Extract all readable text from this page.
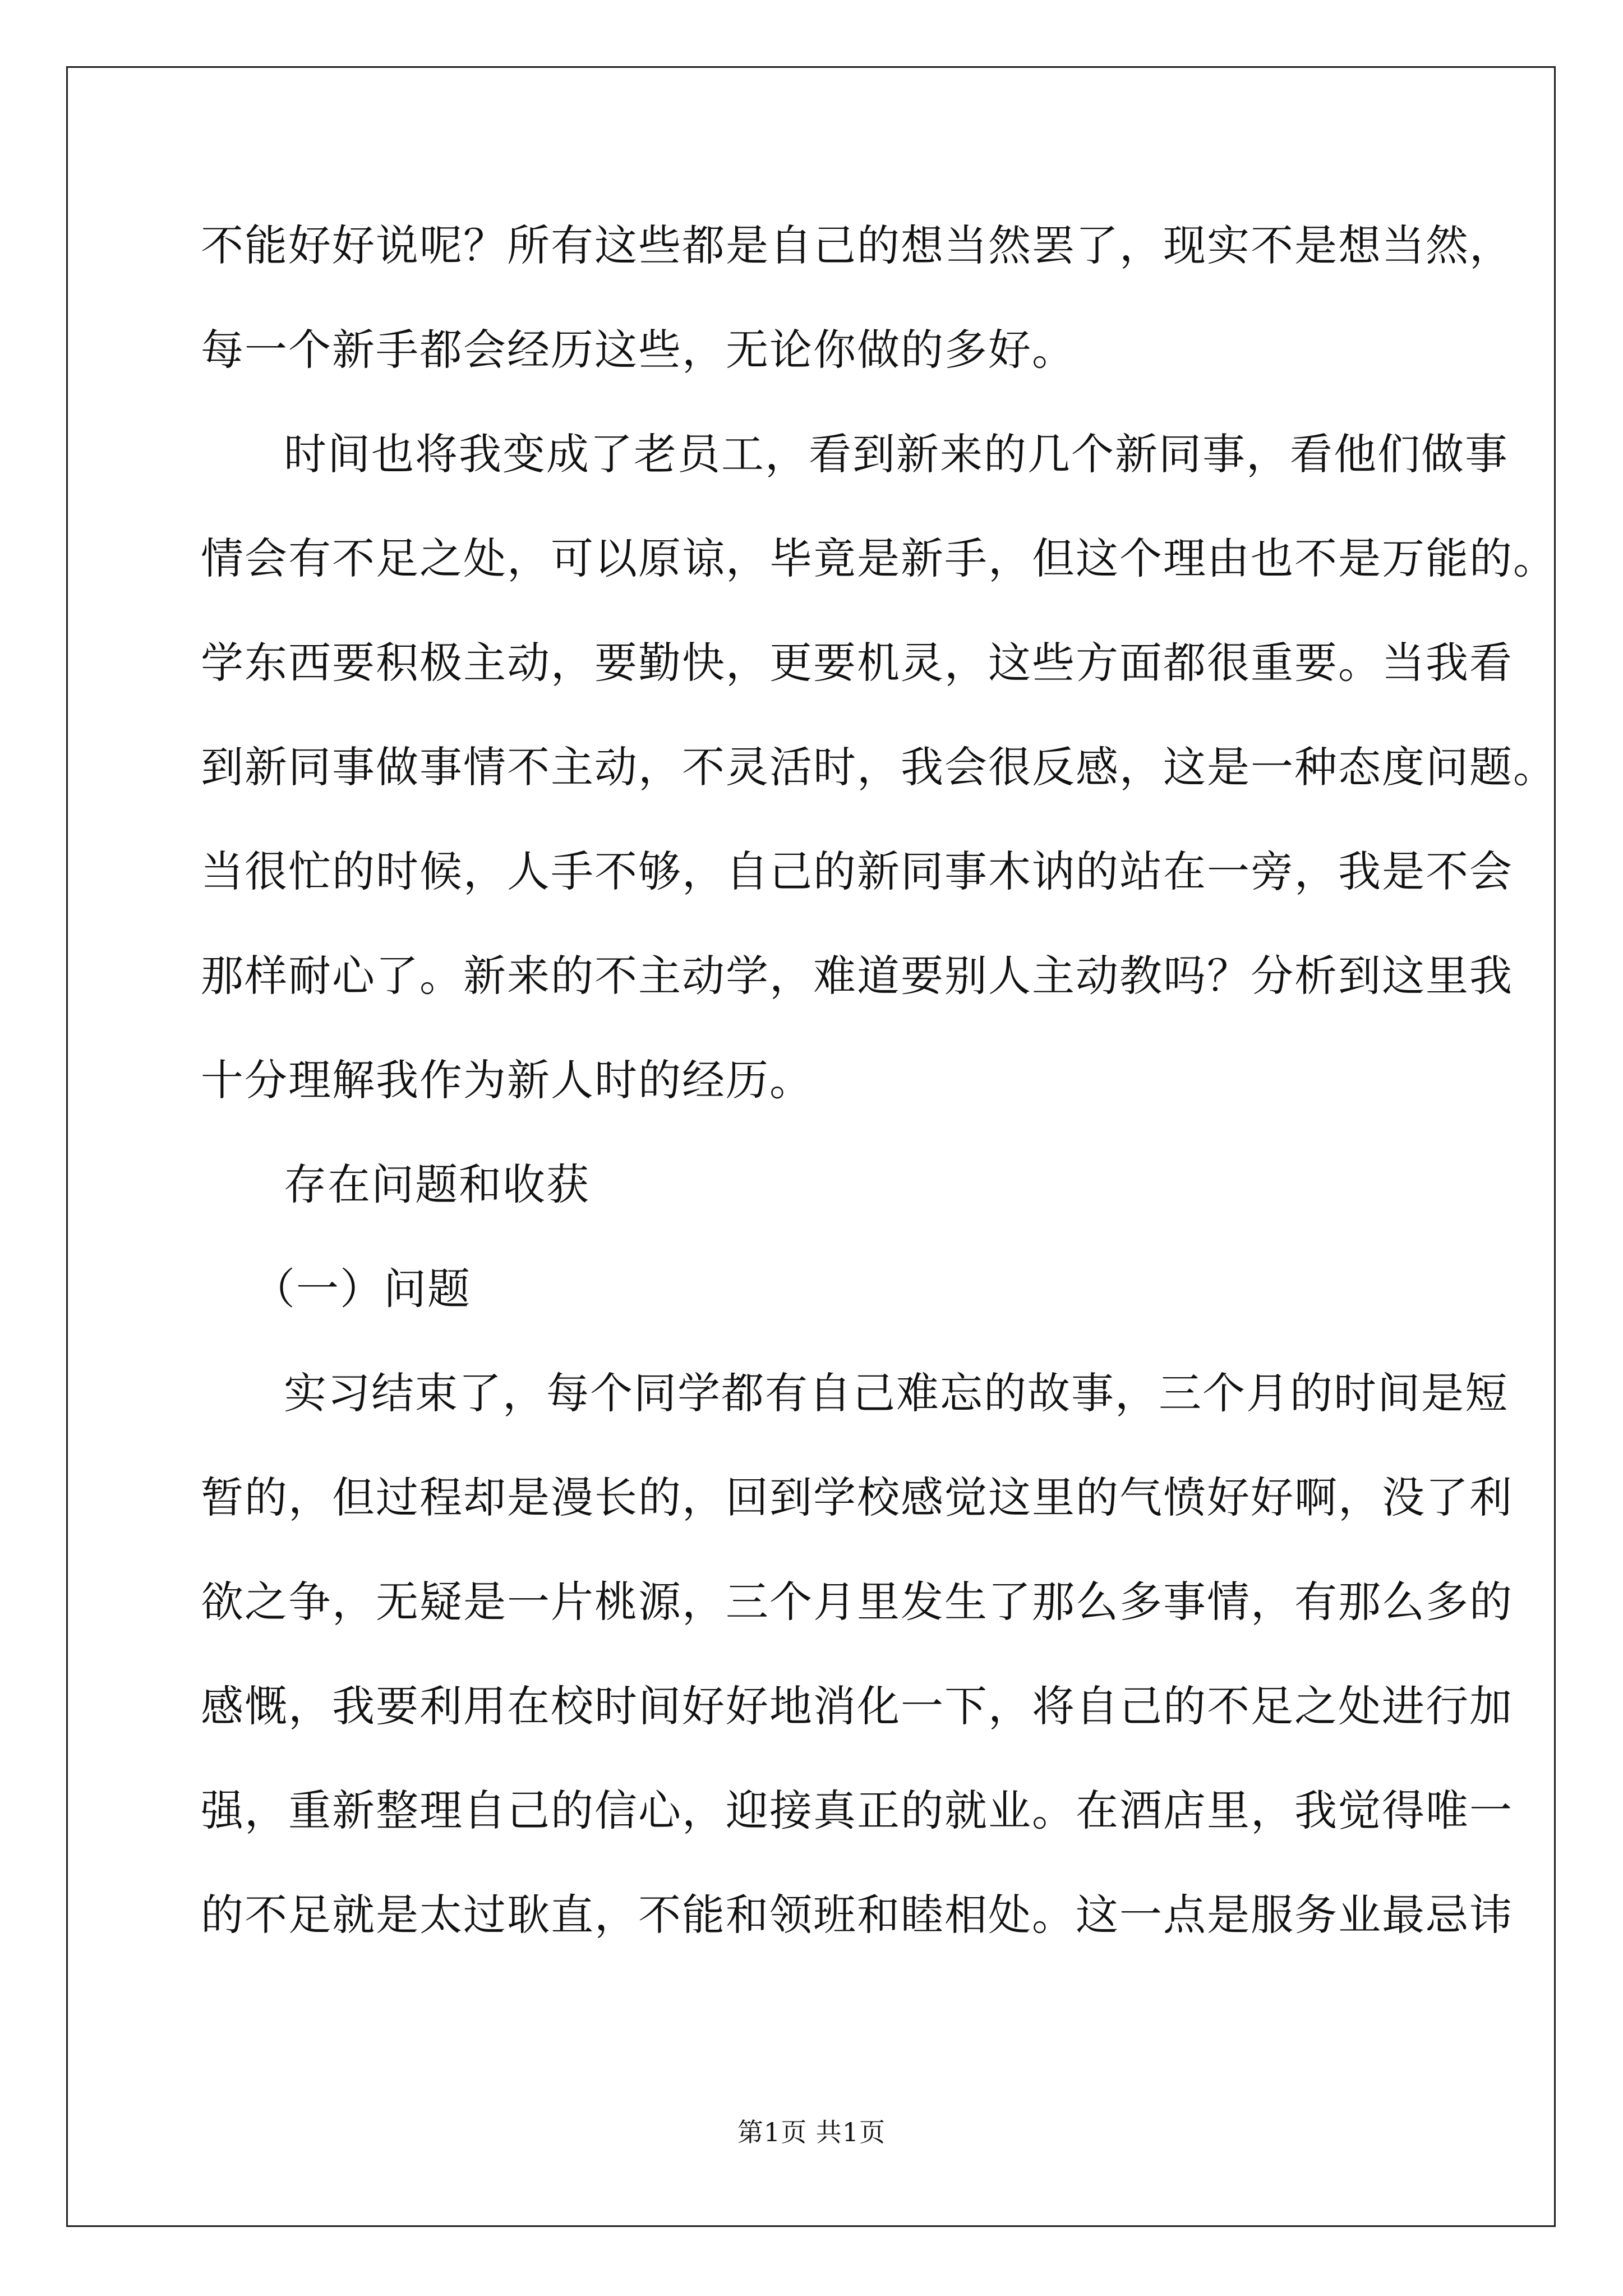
不能好好说呢？所有这些都是自己的想当然罢了，现实不是想当然，
每一个新手都会经历这些，无论你做的多好。
时间也将我变成了老员工，看到新来的几个新同事，看他们做事
情会有不足之处，可以原谅，毕竟是新手，但这个理由也不是万能的。
学东西要积极主动，要勤快，更要机灵，这些方面都很重要。当我看
到新同事做事情不主动，不灵活时，我会很反感，这是一种态度问题。
当很忙的时候，人手不够，自己的新同事木讷的站在一旁，我是不会
那样耐心了。新来的不主动学，难道要别人主动教吗？分析到这里我
十分理解我作为新人时的经历。
存在问题和收获
（一）问题
实习结束了，每个同学都有自己难忘的故事，三个月的时间是短
暂的，但过程却是漫长的，回到学校感觉这里的气愤好好啊，没了利
欲之争，无疑是一片桃源，三个月里发生了那么多事情，有那么多的
感慨，我要利用在校时间好好地消化一下，将自己的不足之处进行加
强，重新整理自己的信心，迎接真正的就业。在酒店里，我觉得唯一
的不足就是太过耿直，不能和领班和睦相处。这一点是服务业最忌讳
第1页 共1页
